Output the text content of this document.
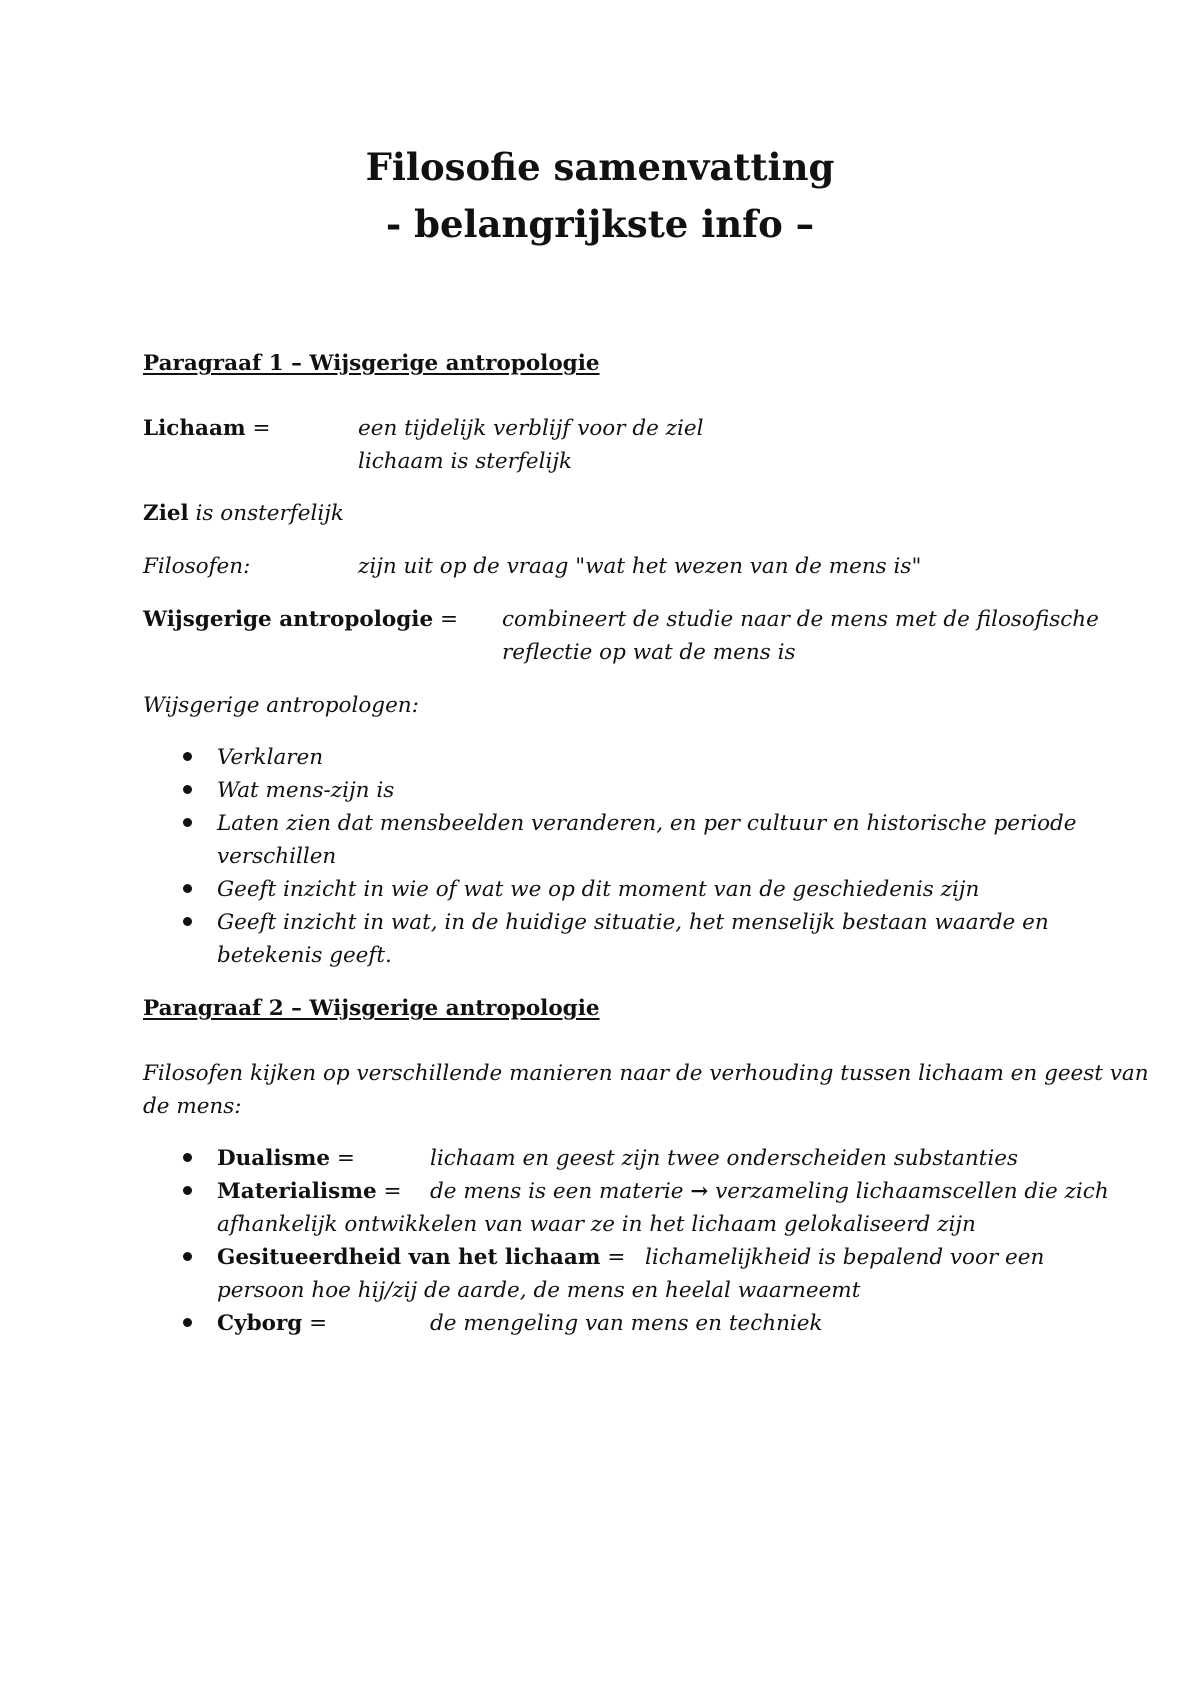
Filosofie samenvatting
- belangrijkste info –
Paragraaf 1 – Wijsgerige antropologie
Lichaam =	een tijdelijk verblijf voor de ziel
lichaam is sterfelijk
Ziel is onsterfelijk
Filosofen:	zijn uit op de vraag "wat het wezen van de mens is"
Wijsgerige antropologie = combineert de studie naar de mens met de filosofische
reflectie op wat de mens is
Wijsgerige antropologen:
Verklaren
Wat mens-zijn is
Laten zien dat mensbeelden veranderen, en per cultuur en historische periode
verschillen
Geeft inzicht in wie of wat we op dit moment van de geschiedenis zijn
Geeft inzicht in wat, in de huidige situatie, het menselijk bestaan waarde en
betekenis geeft.
Paragraaf 2 – Wijsgerige antropologie
Filosofen kijken op verschillende manieren naar de verhouding tussen lichaam en geest van
de mens:
Dualisme =	lichaam en geest zijn twee onderscheiden substanties
Materialisme = de mens is een materie → verzameling lichaamscellen die zich
afhankelijk ontwikkelen van waar ze in het lichaam gelokaliseerd zijn
Gesitueerdheid van het lichaam = lichamelijkheid is bepalend voor een
persoon hoe hij/zij de aarde, de mens en heelal waarneemt
Cyborg =	de mengeling van mens en techniek
